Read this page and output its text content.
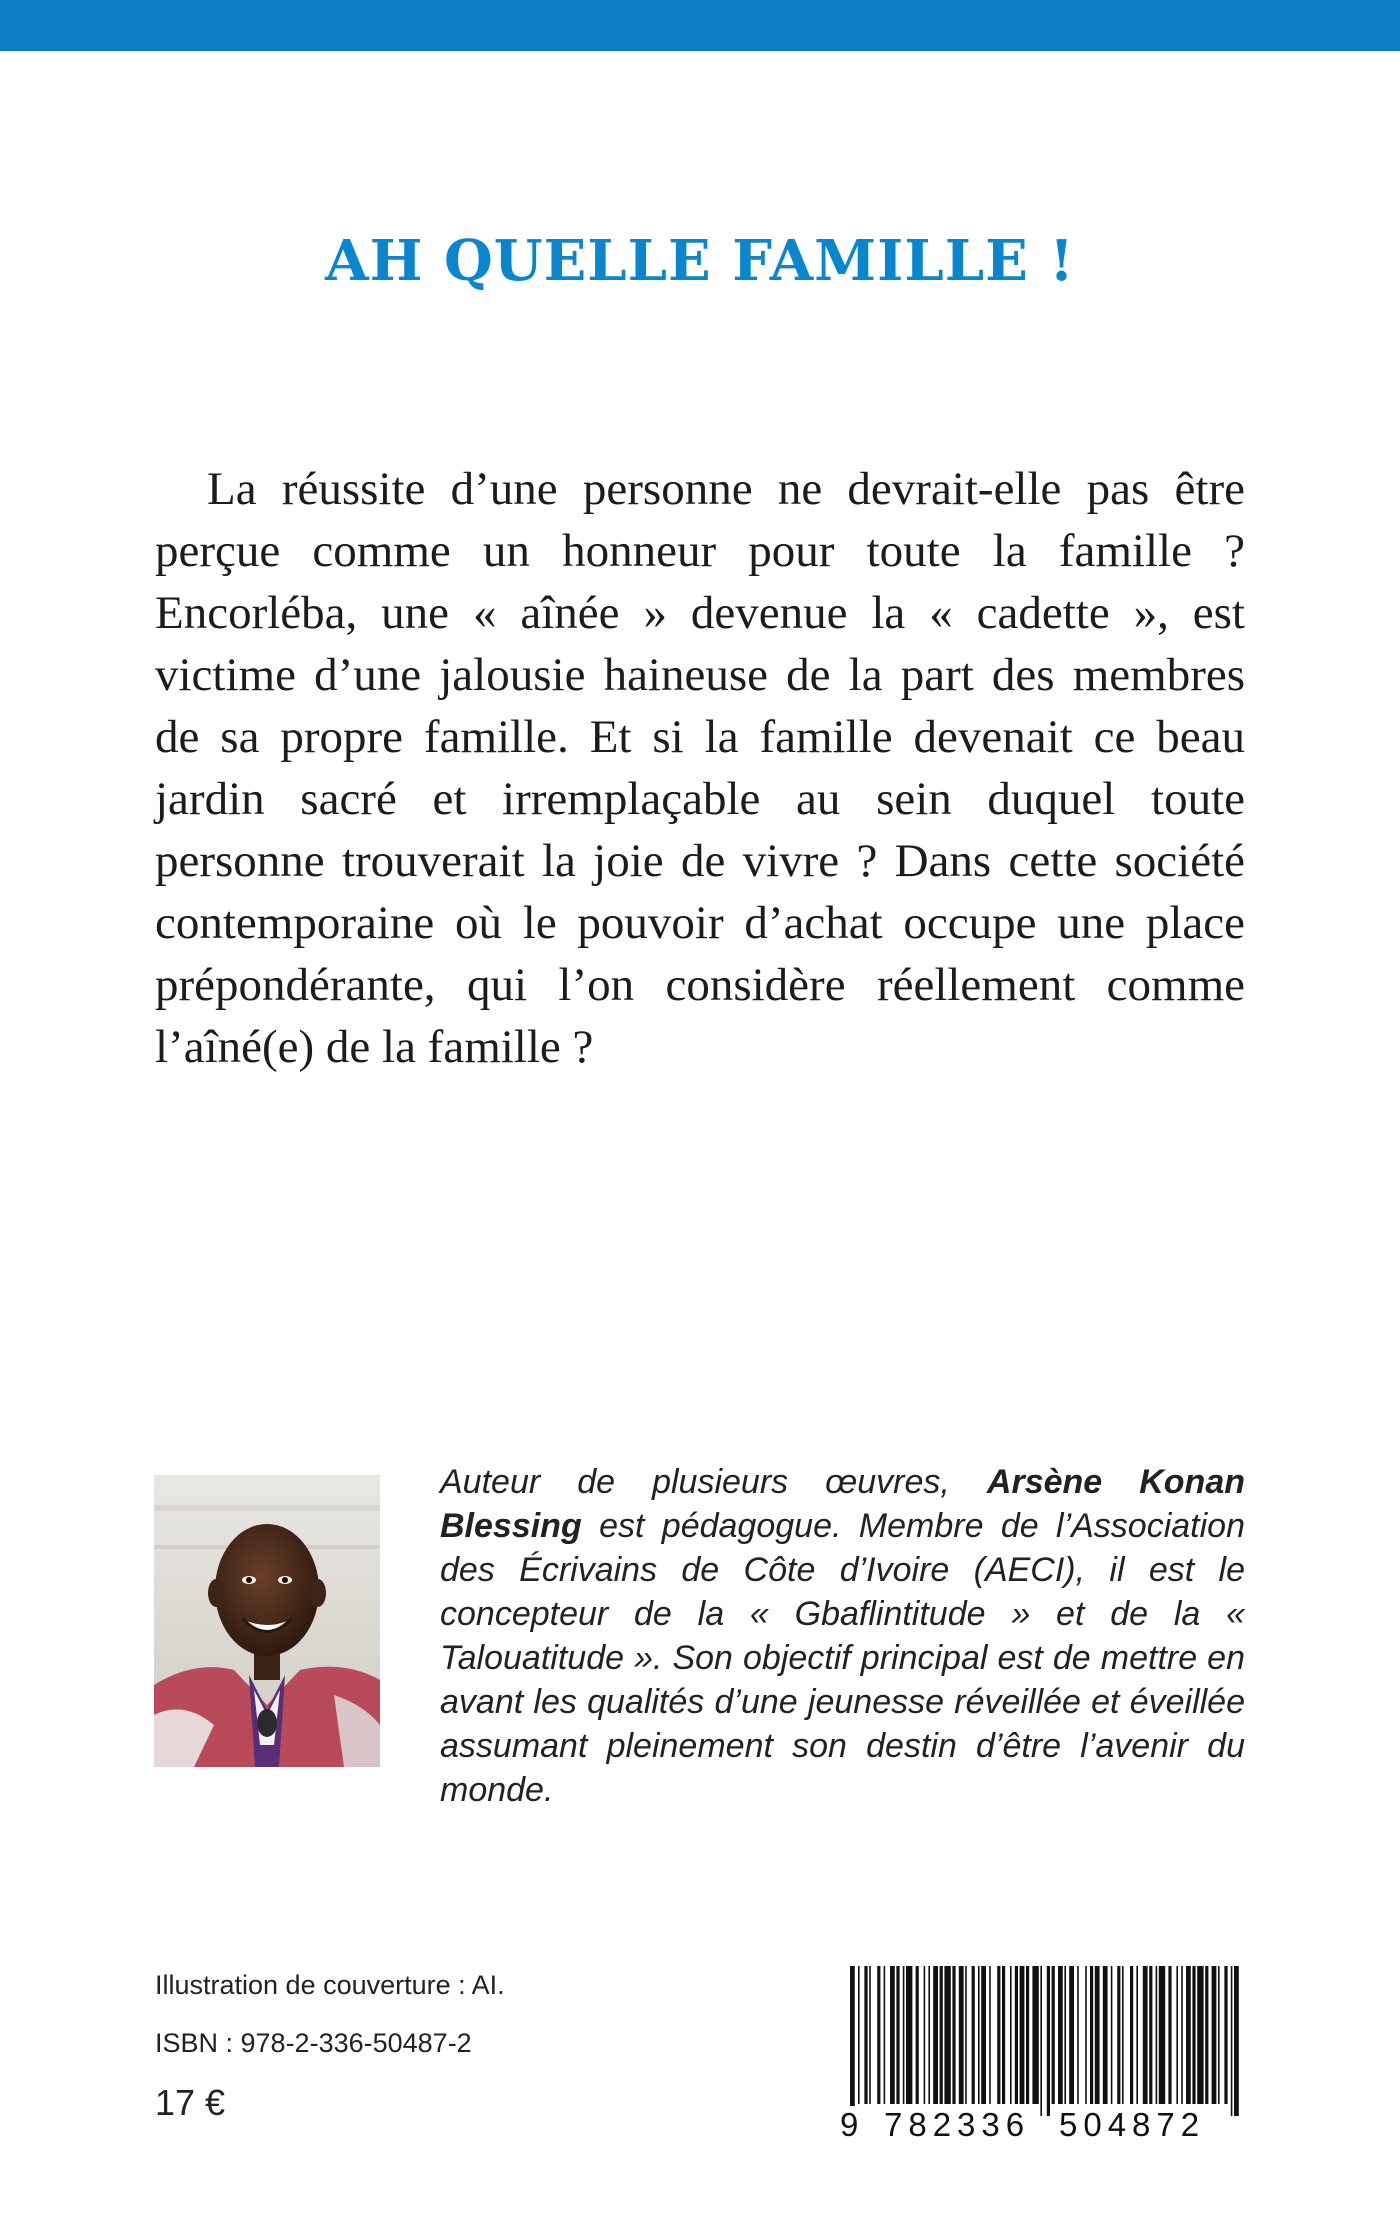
AH QUELLE FAMILLE !

La réussite d’une personne ne devrait-elle pas être perçue comme un honneur pour toute la famille ? Encorléba, une « aînée » devenue la « cadette », est victime d’une jalousie haineuse de la part des membres de sa propre famille. Et si la famille devenait ce beau jardin sacré et irremplaçable au sein duquel toute personne trouverait la joie de vivre ? Dans cette société contemporaine où le pouvoir d’achat occupe une place prépondérante, qui l’on considère réellement comme l’aîné(e) de la famille ?

Auteur de plusieurs œuvres, Arsène Konan Blessing est pédagogue. Membre de l’Association des Écrivains de Côte d’Ivoire (AECI), il est le concepteur de la « Gbaflintitude » et de la « Talouatitude ». Son objectif principal est de mettre en avant les qualités d’une jeunesse réveillée et éveillée assumant pleinement son destin d’être l’avenir du monde.

Illustration de couverture : AI.
ISBN : 978-2-336-50487-2
17 €
9 782336 504872
